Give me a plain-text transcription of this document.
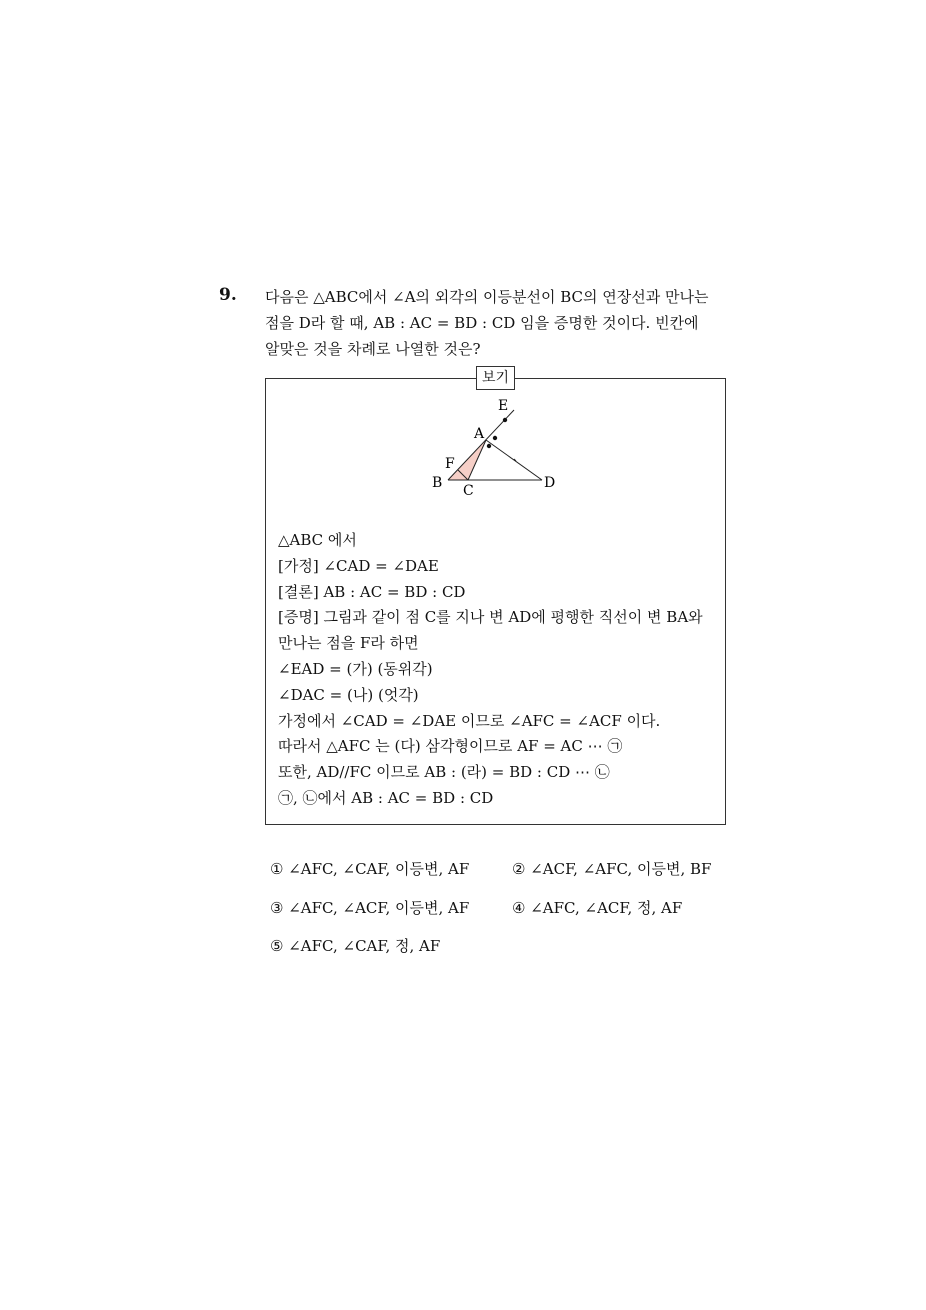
9. 다음은 △ABC에서 ∠A의 외각의 이등분선이 BC의 연장선과 만나는
점을 D라 할 때, AB : AC = BD : CD 임을 증명한 것이다. 빈칸에
알맞은 것을 차례로 나열한 것은?
보기
E
A
F
B C	D
△ABC 에서
[가정] ∠CAD = ∠DAE
[결론] AB : AC = BD : CD
[증명] 그림과 같이 점 C를 지나 변 AD에 평행한 직선이 변 BA와
만나는 점을 F라 하면
∠EAD = (가) (동위각)
∠DAC = (나) (엇각)
가정에서 ∠CAD = ∠DAE 이므로 ∠AFC = ∠ACF 이다.
따라서 △AFC 는 (다) 삼각형이므로 AF = AC ⋯ ㉠
또한, AD//FC 이므로 AB : (라) = BD : CD ⋯ ㉡
㉠, ㉡에서 AB : AC = BD : CD
① ∠AFC, ∠CAF, 이등변, AF	② ∠ACF, ∠AFC, 이등변, BF
③ ∠AFC, ∠ACF, 이등변, AF	④ ∠AFC, ∠ACF, 정, AF
⑤ ∠AFC, ∠CAF, 정, AF
